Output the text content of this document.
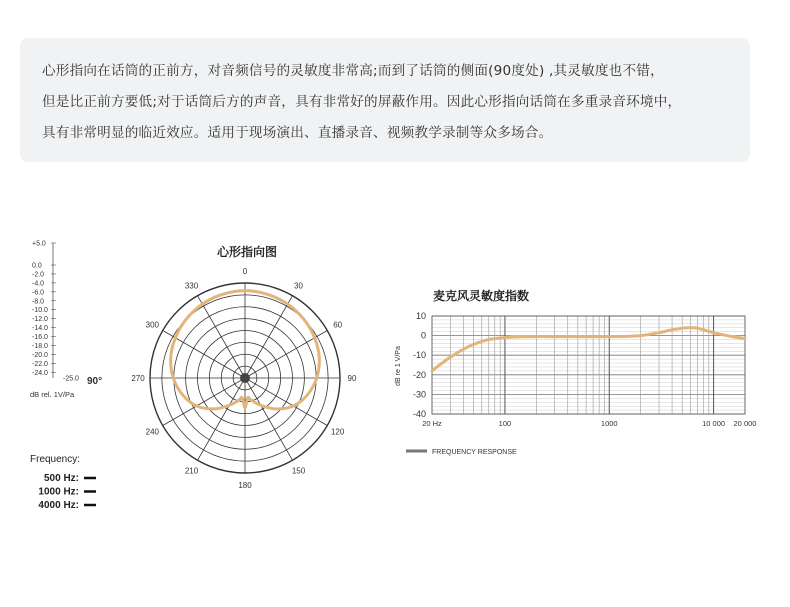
心形指向在话筒的正前方，对音频信号的灵敏度非常高;而到了话筒的侧面(90度处) ,其灵敏度也不错，

但是比正前方要低;对于话筒后方的声音，具有非常好的屏蔽作用。因此心形指向话筒在多重录音环境中，

具有非常明显的临近效应。适用于现场演出、直播录音、视频教学录制等众多场合。

+5.0
0.0
-2.0
-4.0
-6.0
-8.0
-10.0
-12.0
-14.0
-16.0
-18.0
-20.0
-22.0
-24.0
-25.0 90°
dB rel. 1V/Pa
心形指向图
0
30
60
90
120
150
180
210
240
270
300
330
Frequency:
500 Hz:
1000 Hz:
4000 Hz:
麦克风灵敏度指数
10
0
-10
-20
-30
-40
20 Hz	100	1000	10 000 20 000
dB re 1 V/Pa
FREQUENCY RESPONSE
